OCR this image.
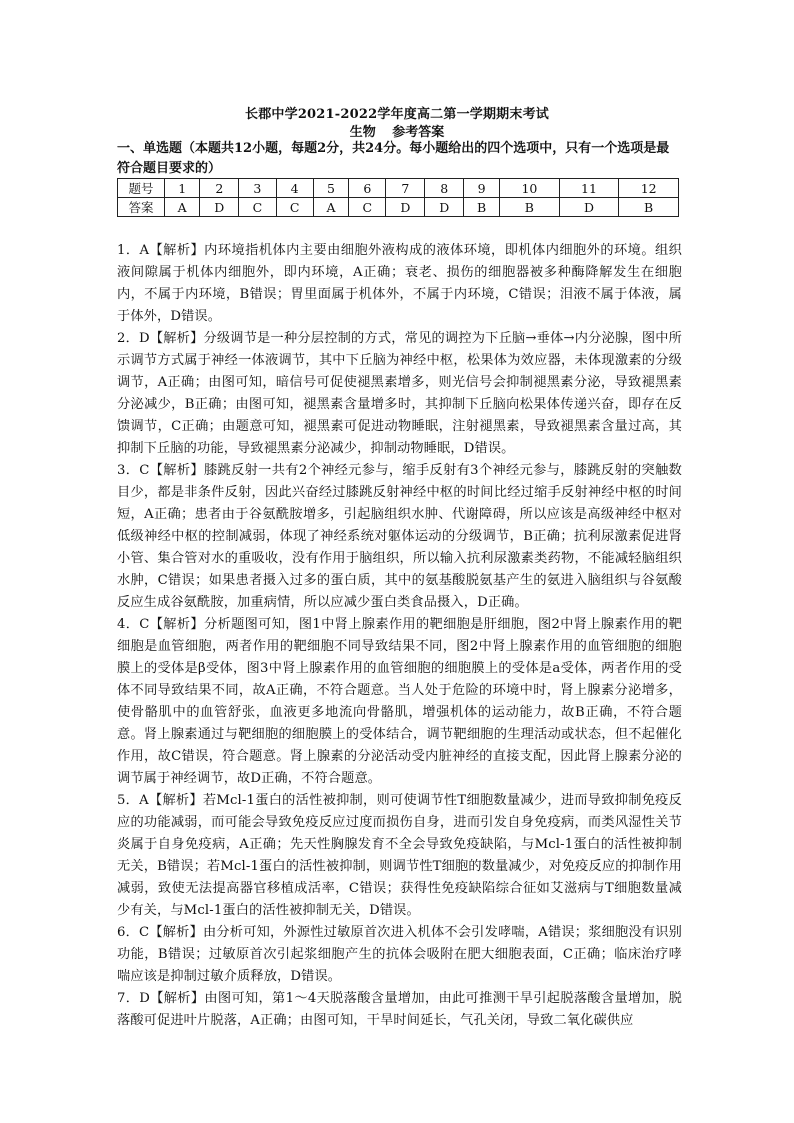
长郡中学2021-2022学年度高二第一学期期末考试
生物 参考答案
一、单选题（本题共12小题，每题2分，共24分。每小题给出的四个选项中，只有一个选项是最符合题目要求的）
题号	1	2	3	4	5	6	7	8	9	10	11	12
答案	A	D	C	C	A	C	D	D	B	B	D	B

1．A【解析】内环境指机体内主要由细胞外液构成的液体环境，即机体内细胞外的环境。组织液间隙属于机体内细胞外，即内环境，A正确；衰老、损伤的细胞器被多种酶降解发生在细胞内，不属于内环境，B错误；胃里面属于机体外，不属于内环境，C错误；泪液不属于体液，属于体外，D错误。

2．D【解析】分级调节是一种分层控制的方式，常见的调控为下丘脑→垂体→内分泌腺，图中所示调节方式属于神经一体液调节，其中下丘脑为神经中枢，松果体为效应器，未体现激素的分级调节，A正确；由图可知，暗信号可促使褪黑素增多，则光信号会抑制褪黑素分泌，导致褪黑素分泌减少，B正确；由图可知，褪黑素含量增多时，其抑制下丘脑向松果体传递兴奋，即存在反馈调节，C正确；由题意可知，褪黑素可促进动物睡眠，注射褪黑素，导致褪黑素含量过高，其抑制下丘脑的功能，导致褪黑素分泌减少，抑制动物睡眠，D错误。

3．C【解析】膝跳反射一共有2个神经元参与，缩手反射有3个神经元参与，膝跳反射的突触数目少，都是非条件反射，因此兴奋经过膝跳反射神经中枢的时间比经过缩手反射神经中枢的时间短，A正确；患者由于谷氨酰胺增多，引起脑组织水肿、代谢障碍，所以应该是高级神经中枢对低级神经中枢的控制减弱，体现了神经系统对躯体运动的分级调节，B正确；抗利尿激素促进肾小管、集合管对水的重吸收，没有作用于脑组织，所以输入抗利尿激素类药物，不能减轻脑组织水肿，C错误；如果患者摄入过多的蛋白质，其中的氨基酸脱氨基产生的氨进入脑组织与谷氨酸反应生成谷氨酰胺，加重病情，所以应减少蛋白类食品摄入，D正确。

4．C【解析】分析题图可知，图1中肾上腺素作用的靶细胞是肝细胞，图2中肾上腺素作用的靶细胞是血管细胞，两者作用的靶细胞不同导致结果不同，图2中肾上腺素作用的血管细胞的细胞膜上的受体是β受体，图3中肾上腺素作用的血管细胞的细胞膜上的受体是a受体，两者作用的受体不同导致结果不同，故A正确，不符合题意。当人处于危险的环境中时，肾上腺素分泌增多，使骨骼肌中的血管舒张，血液更多地流向骨骼肌，增强机体的运动能力，故B正确，不符合题意。肾上腺素通过与靶细胞的细胞膜上的受体结合，调节靶细胞的生理活动或状态，但不起催化作用，故C错误，符合题意。肾上腺素的分泌活动受内脏神经的直接支配，因此肾上腺素分泌的调节属于神经调节，故D正确，不符合题意。

5．A【解析】若Mcl-1蛋白的活性被抑制，则可使调节性T细胞数量减少，进而导致抑制免疫反应的功能减弱，而可能会导致免疫反应过度而损伤自身，进而引发自身免疫病，而类风湿性关节炎属于自身免疫病，A正确；先天性胸腺发育不全会导致免疫缺陷，与Mcl-1蛋白的活性被抑制无关，B错误；若Mcl-1蛋白的活性被抑制，则调节性T细胞的数量减少，对免疫反应的抑制作用减弱，致使无法提高器官移植成活率，C错误；获得性免疫缺陷综合征如艾滋病与T细胞数量减少有关，与Mcl-1蛋白的活性被抑制无关，D错误。

6．C【解析】由分析可知，外源性过敏原首次进入机体不会引发哮喘，A错误；浆细胞没有识别功能，B错误；过敏原首次引起浆细胞产生的抗体会吸附在肥大细胞表面，C正确；临床治疗哮喘应该是抑制过敏介质释放，D错误。

7．D【解析】由图可知，第1～4天脱落酸含量增加，由此可推测干旱引起脱落酸含量增加，脱落酸可促进叶片脱落，A正确；由图可知，干旱时间延长，气孔关闭，导致二氧化碳供应
